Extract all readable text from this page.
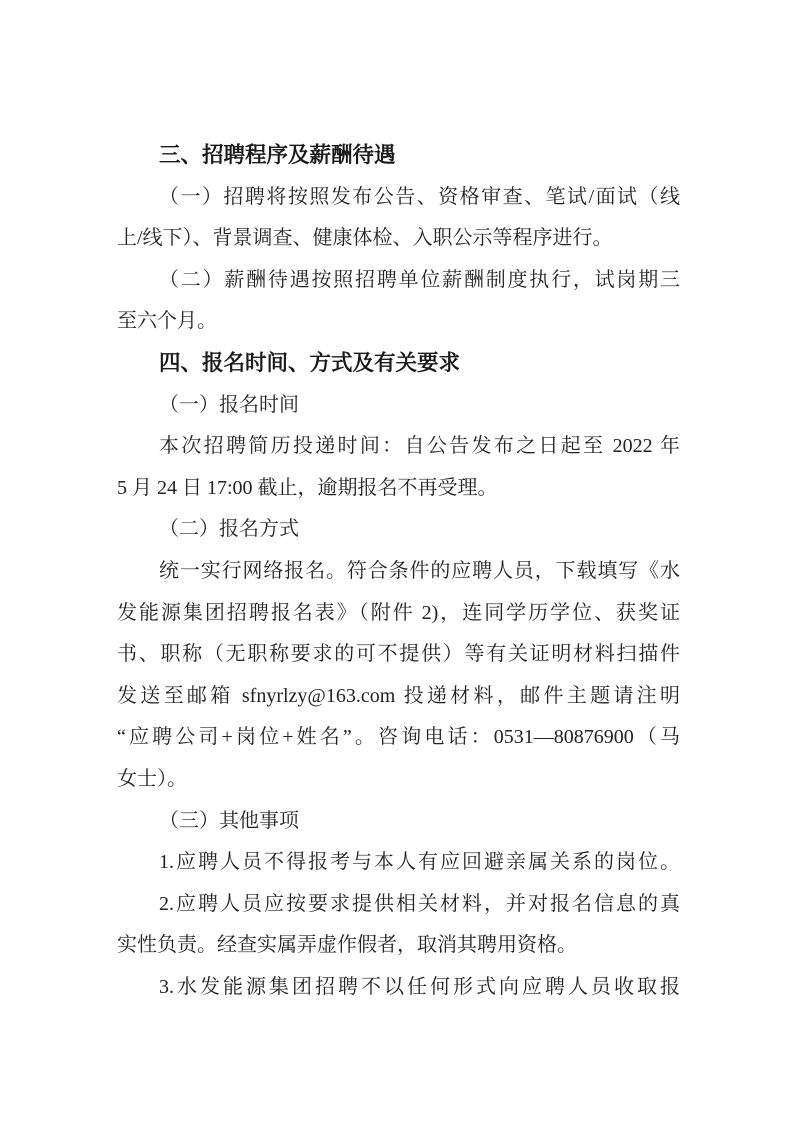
三、招聘程序及薪酬待遇
（一）招聘将按照发布公告、资格审查、笔试/面试（线
上/线下）、背景调查、健康体检、入职公示等程序进行。
（二）薪酬待遇按照招聘单位薪酬制度执行，试岗期三
至六个月。
四、报名时间、方式及有关要求
（一）报名时间
本次招聘简历投递时间：自公告发布之日起至 2022 年
5 月 24 日 17:00 截止，逾期报名不再受理。
（二）报名方式
统一实行网络报名。符合条件的应聘人员，下载填写《水
发能源集团招聘报名表》（附件 2)，连同学历学位、获奖证
书、职称（无职称要求的可不提供）等有关证明材料扫描件
发送至邮箱 sfnyrlzy@163.com 投递材料，邮件主题请注明
“应聘公司+岗位+姓名”。咨询电话：0531—80876900（马
女士）。
（三）其他事项
1.应聘人员不得报考与本人有应回避亲属关系的岗位。
2.应聘人员应按要求提供相关材料，并对报名信息的真
实性负责。经查实属弄虚作假者，取消其聘用资格。
3.水发能源集团招聘不以任何形式向应聘人员收取报
